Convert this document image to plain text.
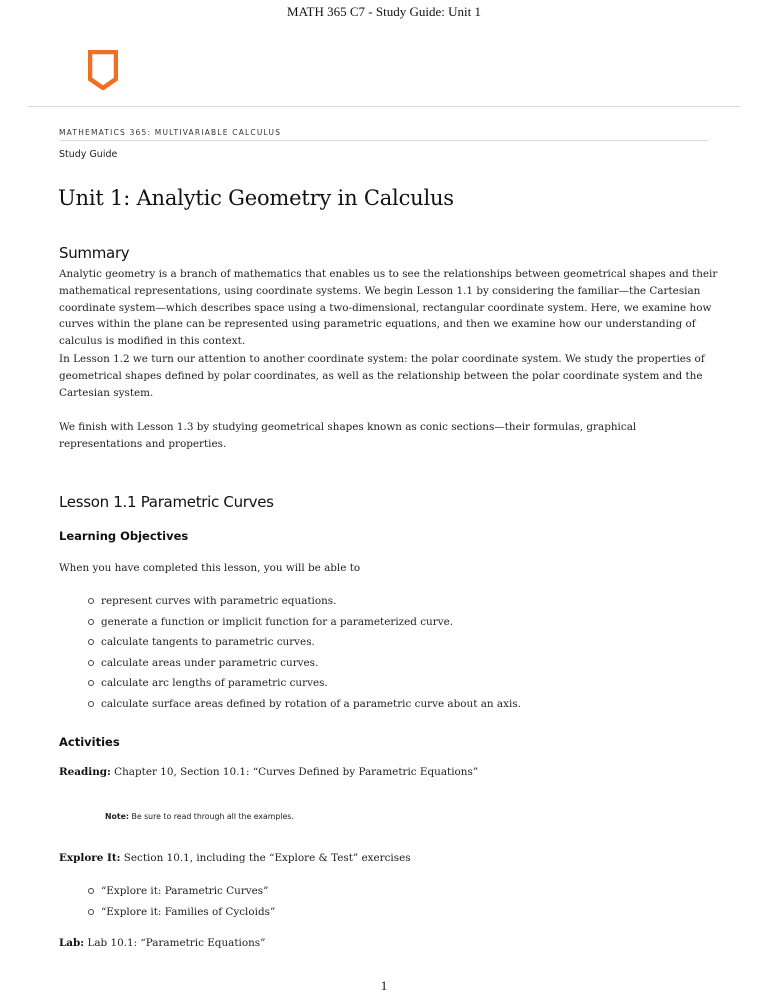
MATH 365 C7 - Study Guide: Unit 1
MATHEMATICS 365: MULTIVARIABLE CALCULUS
Study Guide
Unit 1: Analytic Geometry in Calculus
Summary

Analytic geometry is a branch of mathematics that enables us to see the relationships between geometrical shapes and their mathematical representations, using coordinate systems. We begin Lesson 1.1 by considering the familiar—the Cartesian coordinate system—which describes space using a two-dimensional, rectangular coordinate system. Here, we examine how curves within the plane can be represented using parametric equations, and then we examine how our understanding of calculus is modified in this context.

In Lesson 1.2 we turn our attention to another coordinate system: the polar coordinate system. We study the properties of geometrical shapes defined by polar coordinates, as well as the relationship between the polar coordinate system and the Cartesian system.

We finish with Lesson 1.3 by studying geometrical shapes known as conic sections—their formulas, graphical representations and properties.

Lesson 1.1 Parametric Curves
Learning Objectives
When you have completed this lesson, you will be able to
represent curves with parametric equations.
generate a function or implicit function for a parameterized curve.
calculate tangents to parametric curves.
calculate areas under parametric curves.
calculate arc lengths of parametric curves.
calculate surface areas defined by rotation of a parametric curve about an axis.
Activities
Reading: Chapter 10, Section 10.1: “Curves Defined by Parametric Equations”
Note: Be sure to read through all the examples.
Explore It: Section 10.1, including the “Explore & Test” exercises
“Explore it: Parametric Curves”
“Explore it: Families of Cycloids”
Lab: Lab 10.1: “Parametric Equations”
1
